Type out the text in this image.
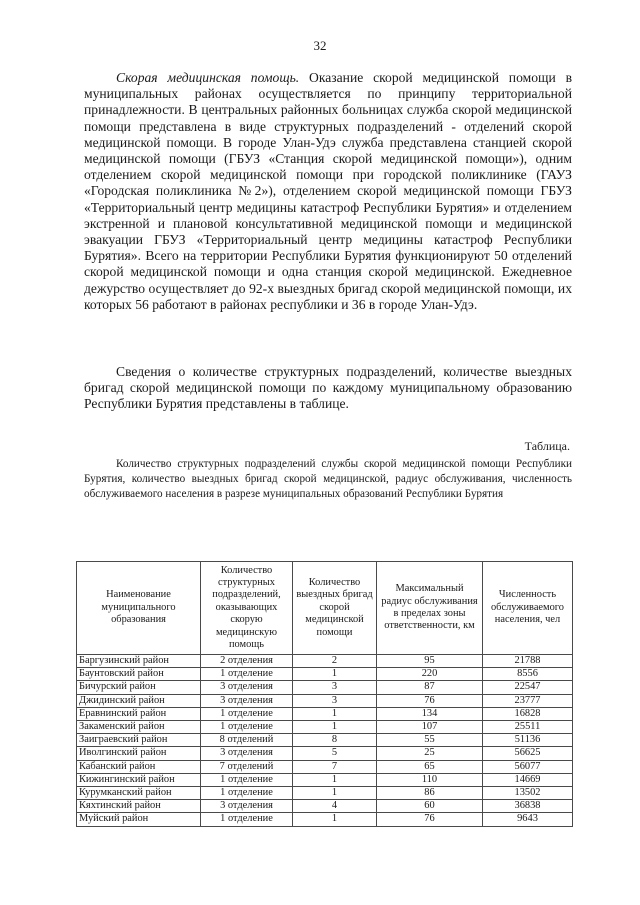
32

Скорая медицинская помощь. Оказание скорой медицинской помощи в муниципальных районах осуществляется по принципу территориальной принадлежности. В центральных районных больницах служба скорой медицинской помощи представлена в виде структурных подразделений - отделений скорой медицинской помощи. В городе Улан-Удэ служба представлена станцией скорой медицинской помощи (ГБУЗ «Станция скорой медицинской помощи»), одним отделением скорой медицинской помощи при городской поликлинике (ГАУЗ «Городская поликлиника №2»), отделением скорой медицинской помощи ГБУЗ «Территориальный центр медицины катастроф Республики Бурятия» и отделением экстренной и плановой консультативной медицинской помощи и медицинской эвакуации ГБУЗ «Территориальный центр медицины катастроф Республики Бурятия». Всего на территории Республики Бурятия функционируют 50 отделений скорой медицинской помощи и одна станция скорой медицинской. Ежедневное дежурство осуществляет до 92-х выездных бригад скорой медицинской помощи, их которых 56 работают в районах республики и 36 в городе Улан-Удэ.

Сведения о количестве структурных подразделений, количестве выездных бригад скорой медицинской помощи по каждому муниципальному образованию Республики Бурятия представлены в таблице.

Таблица.

Количество структурных подразделений службы скорой медицинской помощи Республики Бурятия, количество выездных бригад скорой медицинской, радиус обслуживания, численность обслуживаемого населения в разрезе муниципальных образований Республики Бурятия

Наименование муниципального образования	Количество структурных подразделений, оказывающих скорую медицинскую помощь	Количество выездных бригад скорой медицинской помощи	Максимальный радиус обслуживания в пределах зоны ответственности, км	Численность обслуживаемого населения, чел
Баргузинский район	2 отделения	2	95	21788
Баунтовский район	1 отделение	1	220	8556
Бичурский район	3 отделения	3	87	22547
Джидинский район	3 отделения	3	76	23777
Еравнинский район	1 отделение	1	134	16828
Закаменский район	1 отделение	1	107	25511
Заиграевский район	8 отделений	8	55	51136
Иволгинский район	3 отделения	5	25	56625
Кабанский район	7 отделений	7	65	56077
Кижингинский район	1 отделение	1	110	14669
Курумканский район	1 отделение	1	86	13502
Кяхтинский район	3 отделения	4	60	36838
Муйский район	1 отделение	1	76	9643
